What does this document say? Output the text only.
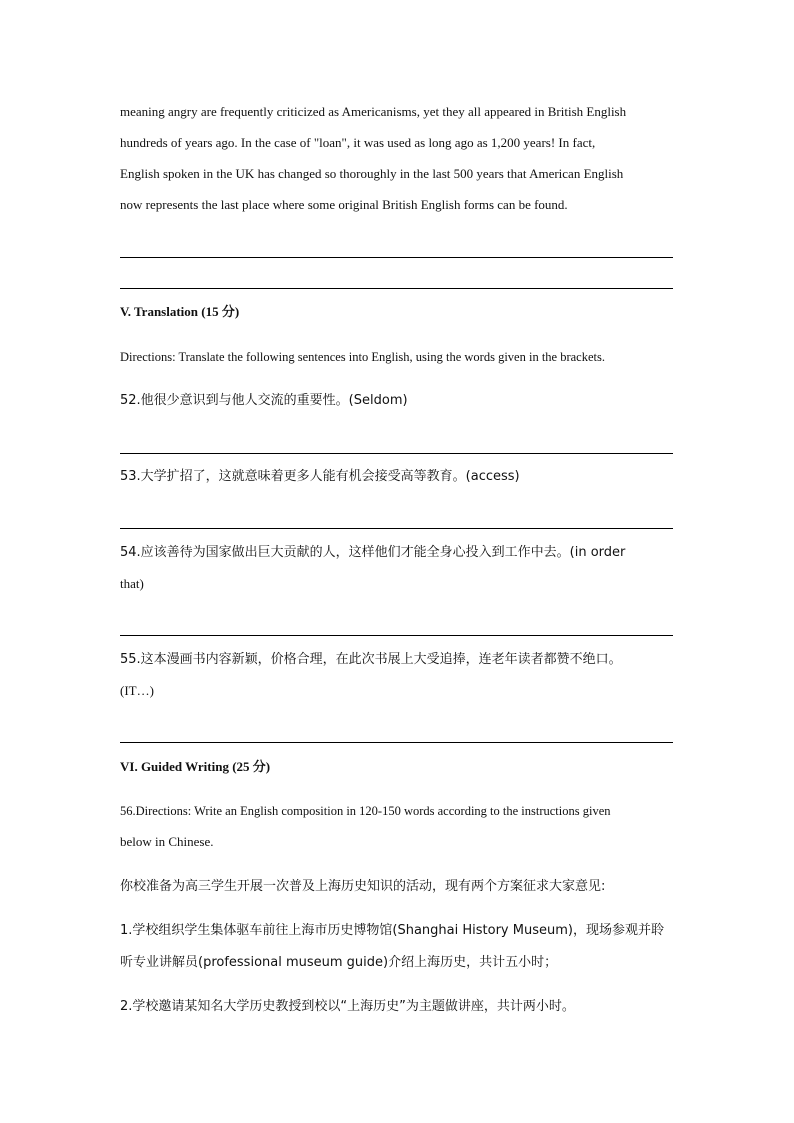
meaning angry are frequently criticized as Americanisms, yet they all appeared in British English
hundreds of years ago. In the case of "loan", it was used as long ago as 1,200 years! In fact,
English spoken in the UK has changed so thoroughly in the last 500 years that American English
now represents the last place where some original British English forms can be found.
V. Translation (15 分)
Directions: Translate the following sentences into English, using the words given in the brackets.
52.他很少意识到与他人交流的重要性。(Seldom)
53.大学扩招了，这就意味着更多人能有机会接受高等教育。(access)
54.应该善待为国家做出巨大贡献的人，这样他们才能全身心投入到工作中去。(in order
that)
55.这本漫画书内容新颖，价格合理，在此次书展上大受追捧，连老年读者都赞不绝口。
(IT…)
VI. Guided Writing (25 分)
56.Directions: Write an English composition in 120-150 words according to the instructions given
below in Chinese.
你校准备为高三学生开展一次普及上海历史知识的活动，现有两个方案征求大家意见:
1.学校组织学生集体驱车前往上海市历史博物馆(Shanghai History Museum)，现场参观并聆
听专业讲解员(professional museum guide)介绍上海历史，共计五小时；
2.学校邀请某知名大学历史教授到校以“上海历史”为主题做讲座，共计两小时。
